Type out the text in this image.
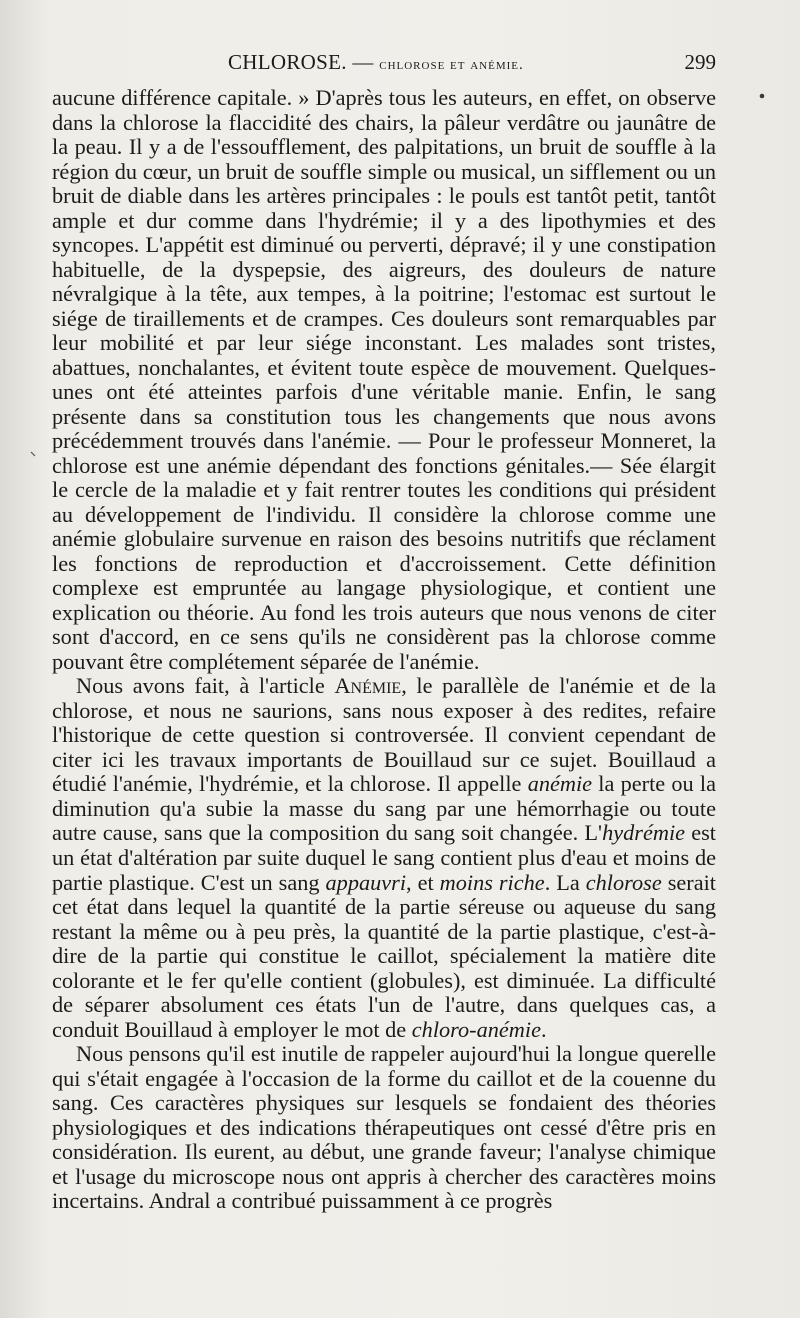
CHLOROSE. — chlorose et anémie.	299

aucune différence capitale. » D'après tous les auteurs, en effet, on observe dans la chlorose la flaccidité des chairs, la pâleur verdâtre ou jaunâtre de la peau. Il y a de l'essoufflement, des palpitations, un bruit de souffle à la région du cœur, un bruit de souffle simple ou musical, un sifflement ou un bruit de diable dans les artères principales : le pouls est tantôt petit, tantôt ample et dur comme dans l'hydrémie; il y a des lipothymies et des syncopes. L'appétit est diminué ou perverti, dépravé; il y une constipation habituelle, de la dyspepsie, des aigreurs, des douleurs de nature névralgique à la tête, aux tempes, à la poitrine; l'estomac est surtout le siége de tiraillements et de crampes. Ces douleurs sont remarquables par leur mobilité et par leur siége inconstant. Les malades sont tristes, abattues, nonchalantes, et évitent toute espèce de mouvement. Quelques-unes ont été atteintes parfois d'une véritable manie. Enfin, le sang présente dans sa constitution tous les changements que nous avons précédemment trouvés dans l'anémie. — Pour le professeur Monneret, la chlorose est une anémie dépendant des fonctions génitales.— Sée élargit le cercle de la maladie et y fait rentrer toutes les conditions qui président au développement de l'individu. Il considère la chlorose comme une anémie globulaire survenue en raison des besoins nutritifs que réclament les fonctions de reproduction et d'accroissement. Cette définition complexe est empruntée au langage physiologique, et contient une explication ou théorie. Au fond les trois auteurs que nous venons de citer sont d'accord, en ce sens qu'ils ne considèrent pas la chlorose comme pouvant être complétement séparée de l'anémie.

Nous avons fait, à l'article Anémie, le parallèle de l'anémie et de la chlorose, et nous ne saurions, sans nous exposer à des redites, refaire l'historique de cette question si controversée. Il convient cependant de citer ici les travaux importants de Bouillaud sur ce sujet. Bouillaud a étudié l'anémie, l'hydrémie, et la chlorose. Il appelle anémie la perte ou la diminution qu'a subie la masse du sang par une hémorrhagie ou toute autre cause, sans que la composition du sang soit changée. L'hydrémie est un état d'altération par suite duquel le sang contient plus d'eau et moins de partie plastique. C'est un sang appauvri, et moins riche. La chlorose serait cet état dans lequel la quantité de la partie séreuse ou aqueuse du sang restant la même ou à peu près, la quantité de la partie plastique, c'est-à-dire de la partie qui constitue le caillot, spécialement la matière dite colorante et le fer qu'elle contient (globules), est diminuée. La difficulté de séparer absolument ces états l'un de l'autre, dans quelques cas, a conduit Bouillaud à employer le mot de chloro-anémie.

Nous pensons qu'il est inutile de rappeler aujourd'hui la longue querelle qui s'était engagée à l'occasion de la forme du caillot et de la couenne du sang. Ces caractères physiques sur lesquels se fondaient des théories physiologiques et des indications thérapeutiques ont cessé d'être pris en considération. Ils eurent, au début, une grande faveur; l'analyse chimique et l'usage du microscope nous ont appris à chercher des caractères moins incertains. Andral a contribué puissamment à ce progrès
